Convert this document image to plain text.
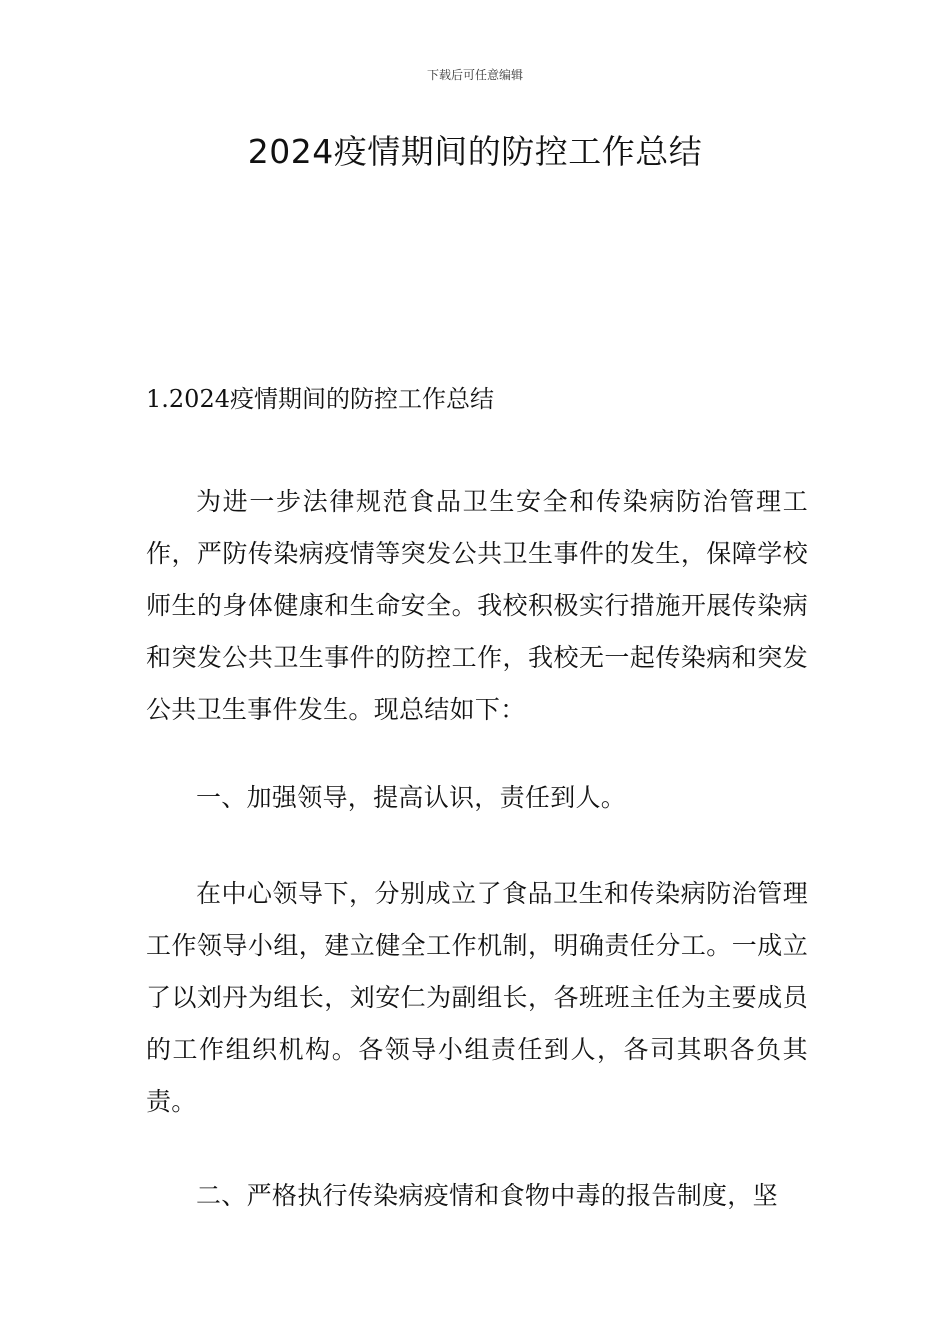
下载后可任意编辑
2024疫情期间的防控工作总结
1.2024疫情期间的防控工作总结

为进一步法律规范食品卫生安全和传染病防治管理工作，严防传染病疫情等突发公共卫生事件的发生，保障学校师生的身体健康和生命安全。我校积极实行措施开展传染病和突发公共卫生事件的防控工作，我校无一起传染病和突发公共卫生事件发生。现总结如下：

一、加强领导，提高认识，责任到人。

在中心领导下，分别成立了食品卫生和传染病防治管理工作领导小组，建立健全工作机制，明确责任分工。一成立了以刘丹为组长，刘安仁为副组长，各班班主任为主要成员的工作组织机构。各领导小组责任到人，各司其职各负其责。

二、严格执行传染病疫情和食物中毒的报告制度，坚
